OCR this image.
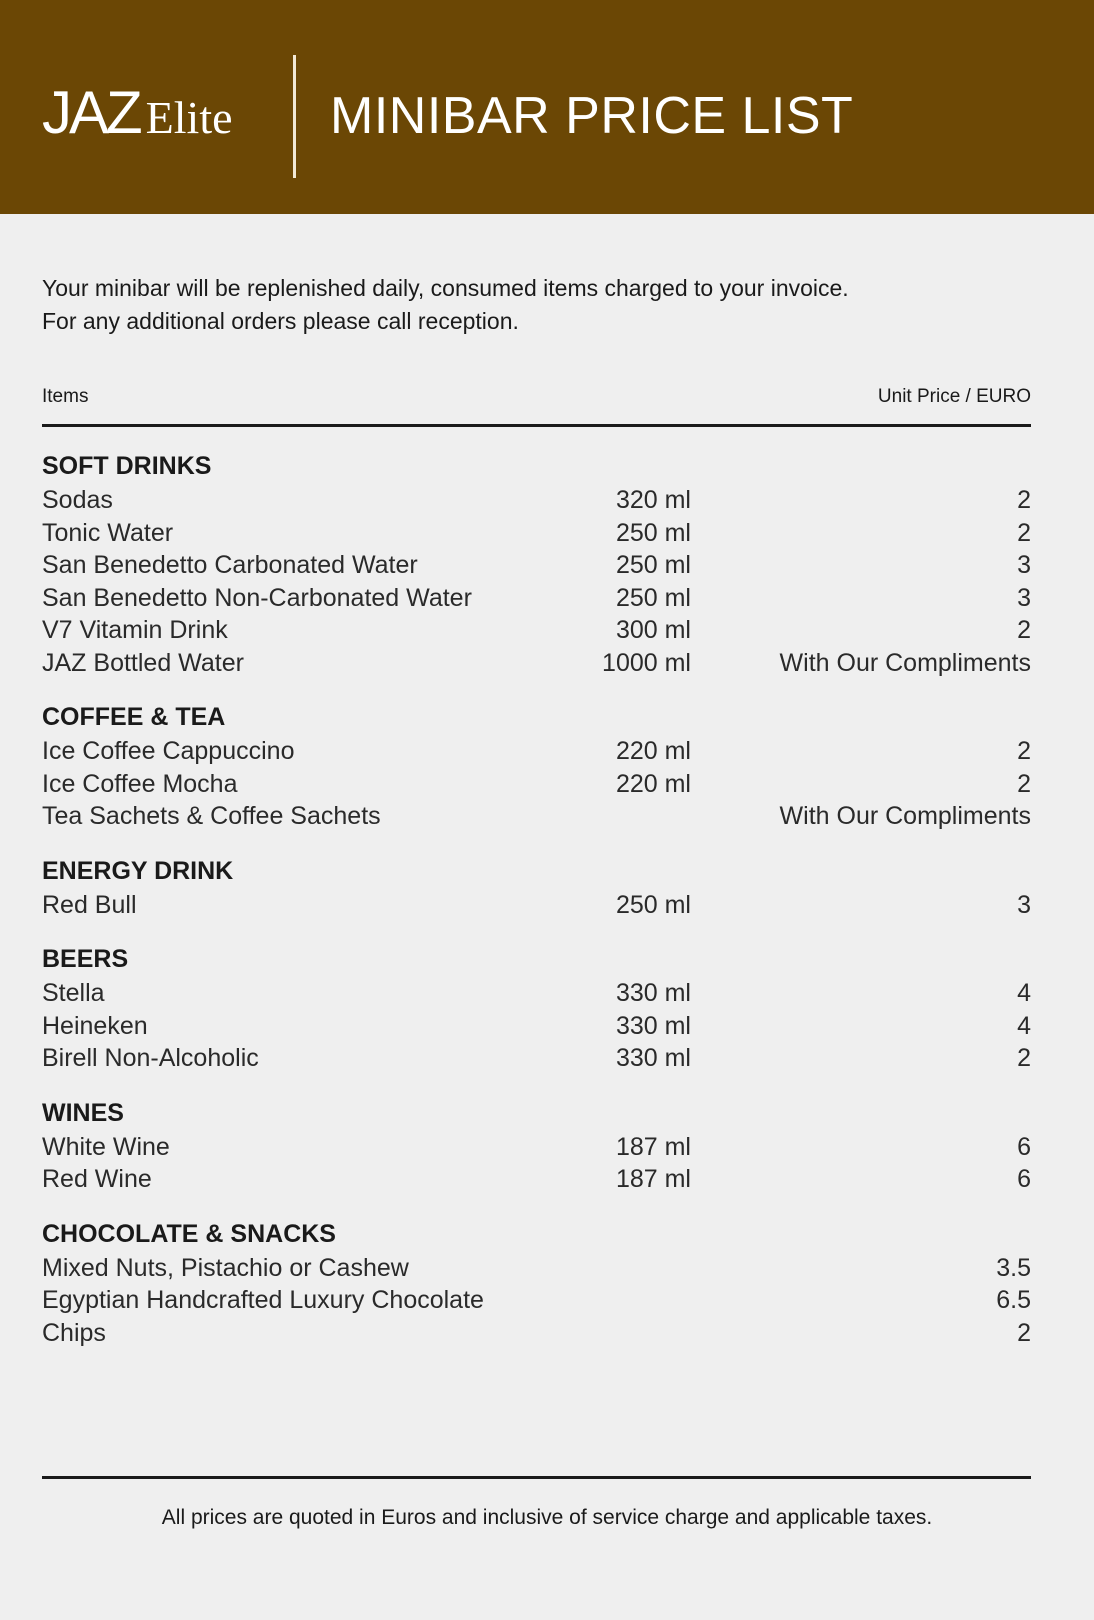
JAZ Elite MINIBAR PRICE LIST
Your minibar will be replenished daily, consumed items charged to your invoice.
For any additional orders please call reception.
Items	Unit Price / EURO
SOFT DRINKS
Sodas	320 ml	2
Tonic Water	250 ml	2
San Benedetto Carbonated Water	250 ml	3
San Benedetto Non-Carbonated Water	250 ml	3
V7 Vitamin Drink	300 ml	2
JAZ Bottled Water	1000 ml	With Our Compliments
COFFEE & TEA
Ice Coffee Cappuccino	220 ml	2
Ice Coffee Mocha	220 ml	2
Tea Sachets & Coffee Sachets	With Our Compliments
ENERGY DRINK
Red Bull	250 ml	3
BEERS
Stella	330 ml	4
Heineken	330 ml	4
Birell Non-Alcoholic	330 ml	2
WINES
White Wine	187 ml	6
Red Wine	187 ml	6
CHOCOLATE & SNACKS
Mixed Nuts, Pistachio or Cashew	3.5
Egyptian Handcrafted Luxury Chocolate	6.5
Chips	2
All prices are quoted in Euros and inclusive of service charge and applicable taxes.
